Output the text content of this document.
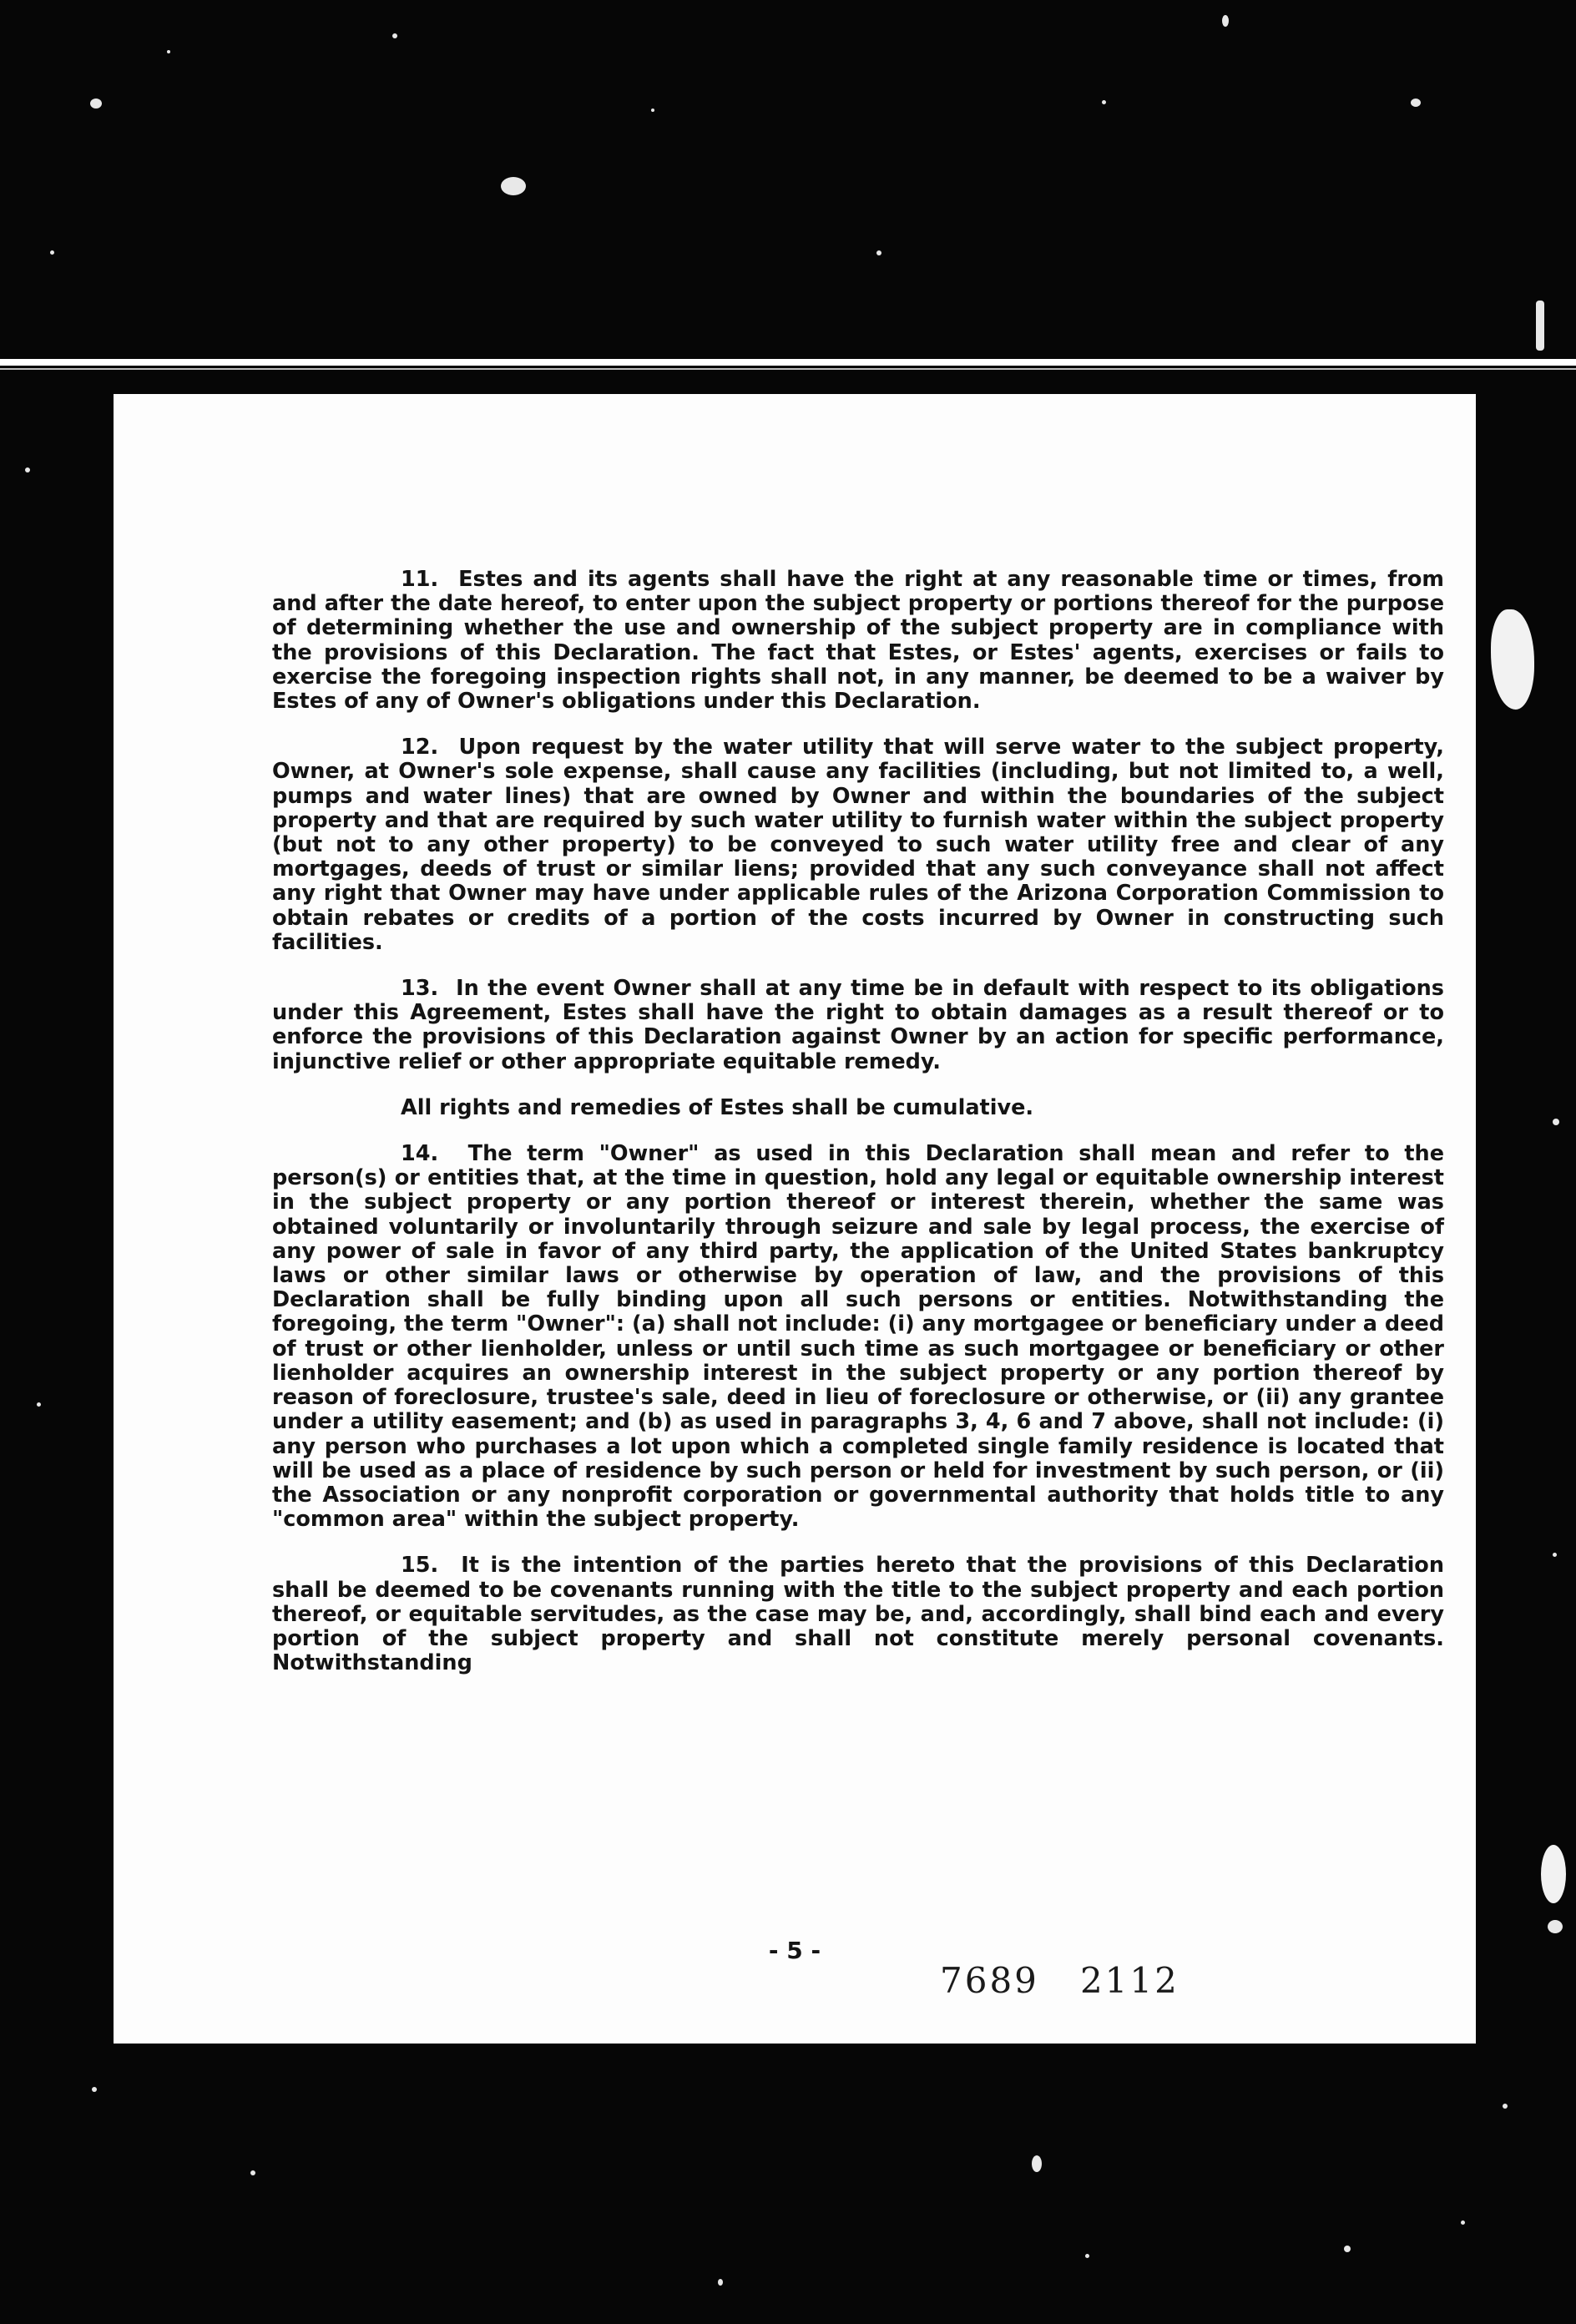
11. Estes and its agents shall have the right at any reasonable time or times, from and after the date hereof, to enter upon the subject property or portions thereof for the purpose of determining whether the use and ownership of the subject property are in compliance with the provisions of this Declaration. The fact that Estes, or Estes' agents, exercises or fails to exercise the foregoing inspection rights shall not, in any manner, be deemed to be a waiver by Estes of any of Owner's obligations under this Declaration.

12. Upon request by the water utility that will serve water to the subject property, Owner, at Owner's sole expense, shall cause any facilities (including, but not limited to, a well, pumps and water lines) that are owned by Owner and within the boundaries of the subject property and that are required by such water utility to furnish water within the subject property (but not to any other property) to be conveyed to such water utility free and clear of any mortgages, deeds of trust or similar liens; provided that any such conveyance shall not affect any right that Owner may have under applicable rules of the Arizona Corporation Commission to obtain rebates or credits of a portion of the costs incurred by Owner in constructing such facilities.

13. In the event Owner shall at any time be in default with respect to its obligations under this Agreement, Estes shall have the right to obtain damages as a result thereof or to enforce the provisions of this Declaration against Owner by an action for specific performance, injunctive relief or other appropriate equitable remedy.

All rights and remedies of Estes shall be cumulative.

14. The term "Owner" as used in this Declaration shall mean and refer to the person(s) or entities that, at the time in question, hold any legal or equitable ownership interest in the subject property or any portion thereof or interest therein, whether the same was obtained voluntarily or involuntarily through seizure and sale by legal process, the exercise of any power of sale in favor of any third party, the application of the United States bankruptcy laws or other similar laws or otherwise by operation of law, and the provisions of this Declaration shall be fully binding upon all such persons or entities. Notwithstanding the foregoing, the term "Owner": (a) shall not include: (i) any mortgagee or beneficiary under a deed of trust or other lienholder, unless or until such time as such mortgagee or beneficiary or other lienholder acquires an ownership interest in the subject property or any portion thereof by reason of foreclosure, trustee's sale, deed in lieu of foreclosure or otherwise, or (ii) any grantee under a utility easement; and (b) as used in paragraphs 3, 4, 6 and 7 above, shall not include: (i) any person who purchases a lot upon which a completed single family residence is located that will be used as a place of residence by such person or held for investment by such person, or (ii) the Association or any nonprofit corporation or governmental authority that holds title to any "common area" within the subject property.

15. It is the intention of the parties hereto that the provisions of this Declaration shall be deemed to be covenants running with the title to the subject property and each portion thereof, or equitable servitudes, as the case may be, and, accordingly, shall bind each and every portion of the subject property and shall not constitute merely personal covenants. Notwithstanding

- 5 -
7689   2112
